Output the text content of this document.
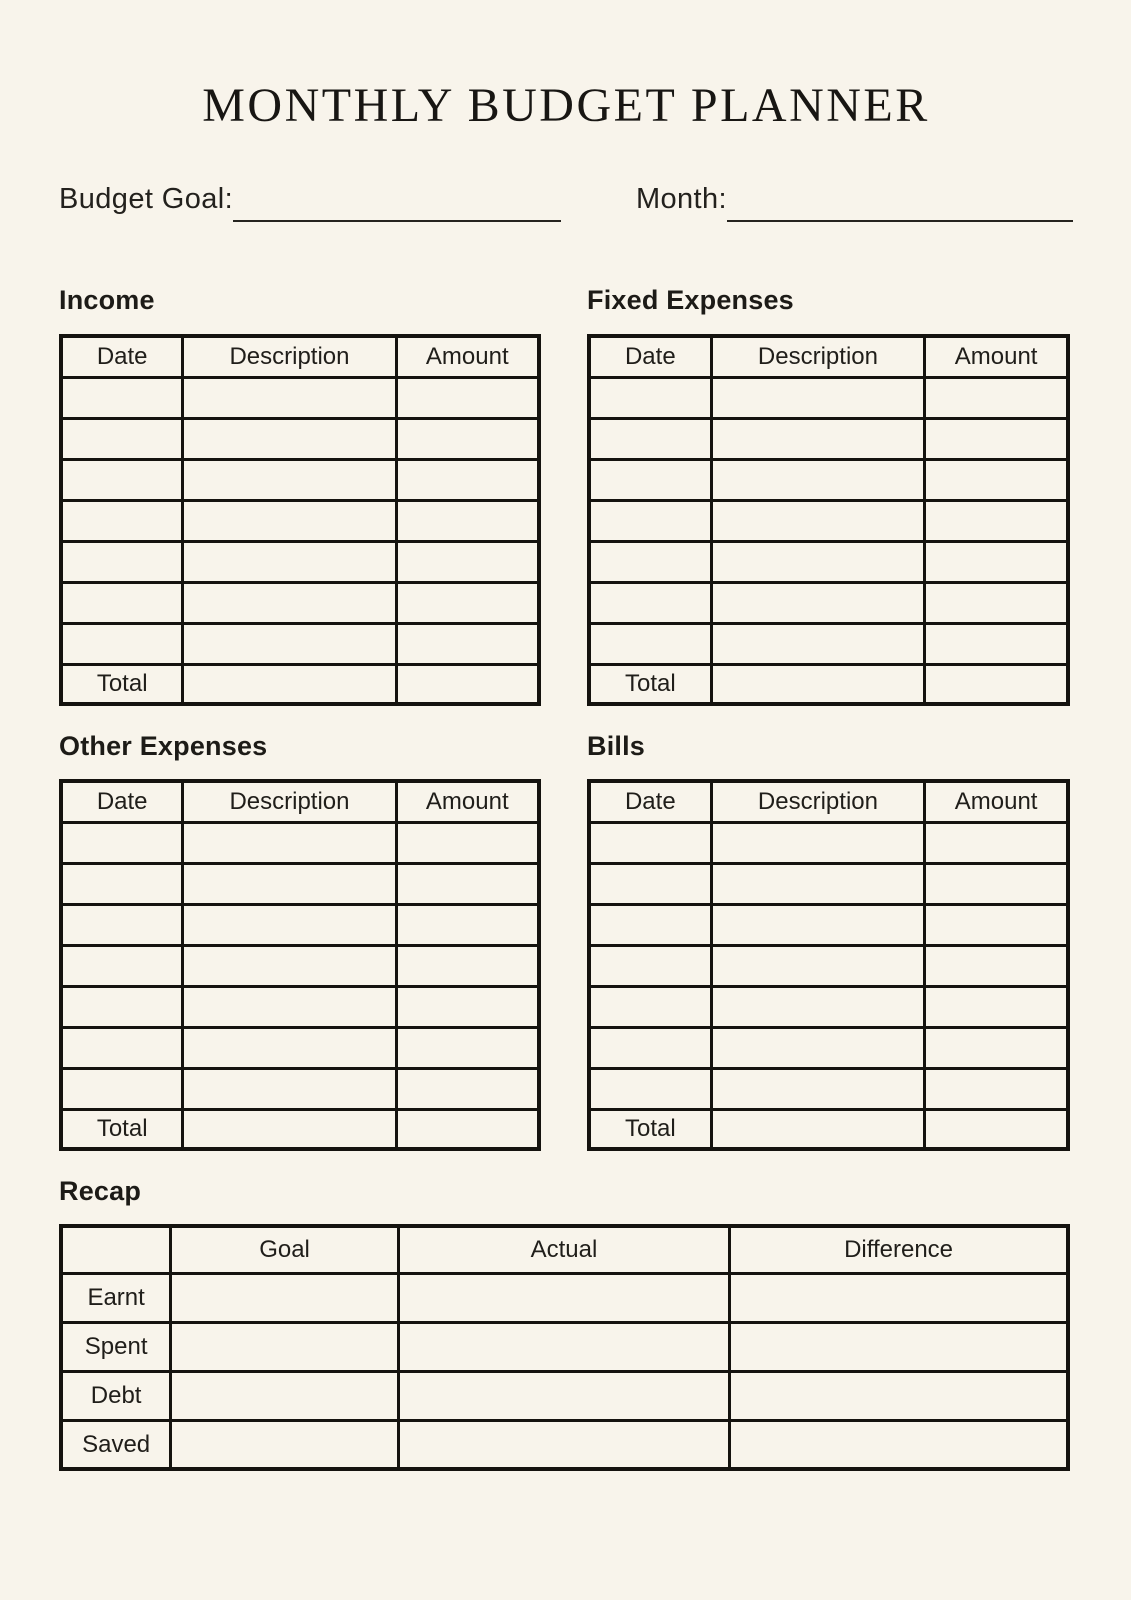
MONTHLY BUDGET PLANNER
Budget Goal:	Month:
Income
Date	Description	Amount

Total		
Fixed Expenses
Date	Description	Amount

Total		
Other Expenses
Date	Description	Amount

Total		
Bills
Date	Description	Amount

Total		
Recap
	Goal	Actual	Difference
Earnt			
Spent			
Debt			
Saved			
